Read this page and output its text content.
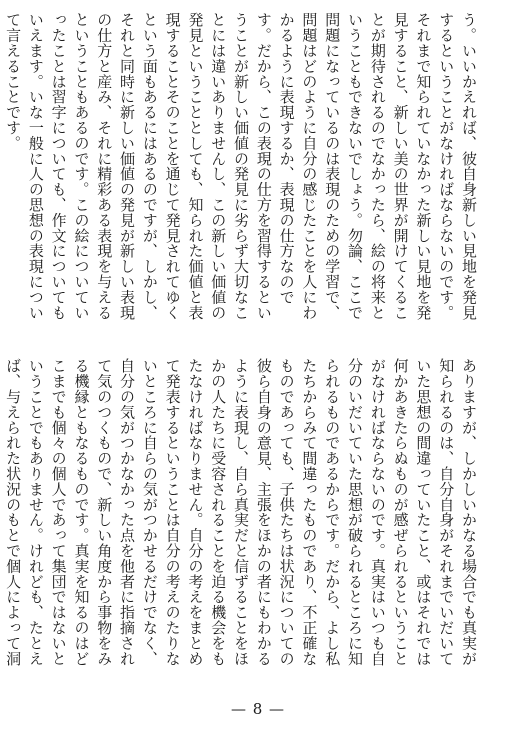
う。いいかえれば、彼自身新しい見地を発見するということがなければならないのです。それまで知られていなかった新しい見地を発見すること、新しい美の世界が開けてくることが期待されるのでなかったら、絵の将来ということもできないでしょう。勿論、ここで問題になっているのは表現のための学習で、問題はどのように自分の感じたことを人にわかるように表現するか、表現の仕方なのです。だから、この表現の仕方を習得するということが新しい価値の発見に劣らず大切なことには違いありませんし、この新しい価値の発見ということとしても、知られた価値と表現することそのことを通じて発見されてゆくという面もあるにはあるのですが、しかし、それと同時に新しい価値の発見が新しい表現の仕方と産み、それに精彩ある表現を与えるということもあるのです。この絵についていったことは習字についても、作文についてもいえます。いな一般に人の思想の表現について言えることです。

ありますが、しかしいかなる場合でも真実が知られるのは、自分自身がそれまでいだいていた思想の間違っていたこと、或はそれでは何かあきたらぬものが感ぜられるということがなければならないのです。真実はいつも自分のいだいていた思想が破られるところに知られるものであるからです。だから、よし私たちからみて間違ったものであり、不正確なものであっても、子供たちは状況についての彼ら自身の意見、主張をほかの者にもわかるように表現し、自ら真実だと信ずることをほかの人たちに受容されることを迫る機会をもたなければなりません。自分の考えをまとめて発表するということは自分の考えのたりないところに自らの気がつかせるだけでなく、自分の気がつかなかった点を他者に指摘されて気のつくもので、新しい角度から事物をみる機縁ともなるものです。真実を知るのはどこまでも個々の個人であって集団ではないということでもありません。けれども、たとえば、与えられた状況のもとで個人によって洞

— 8 —
